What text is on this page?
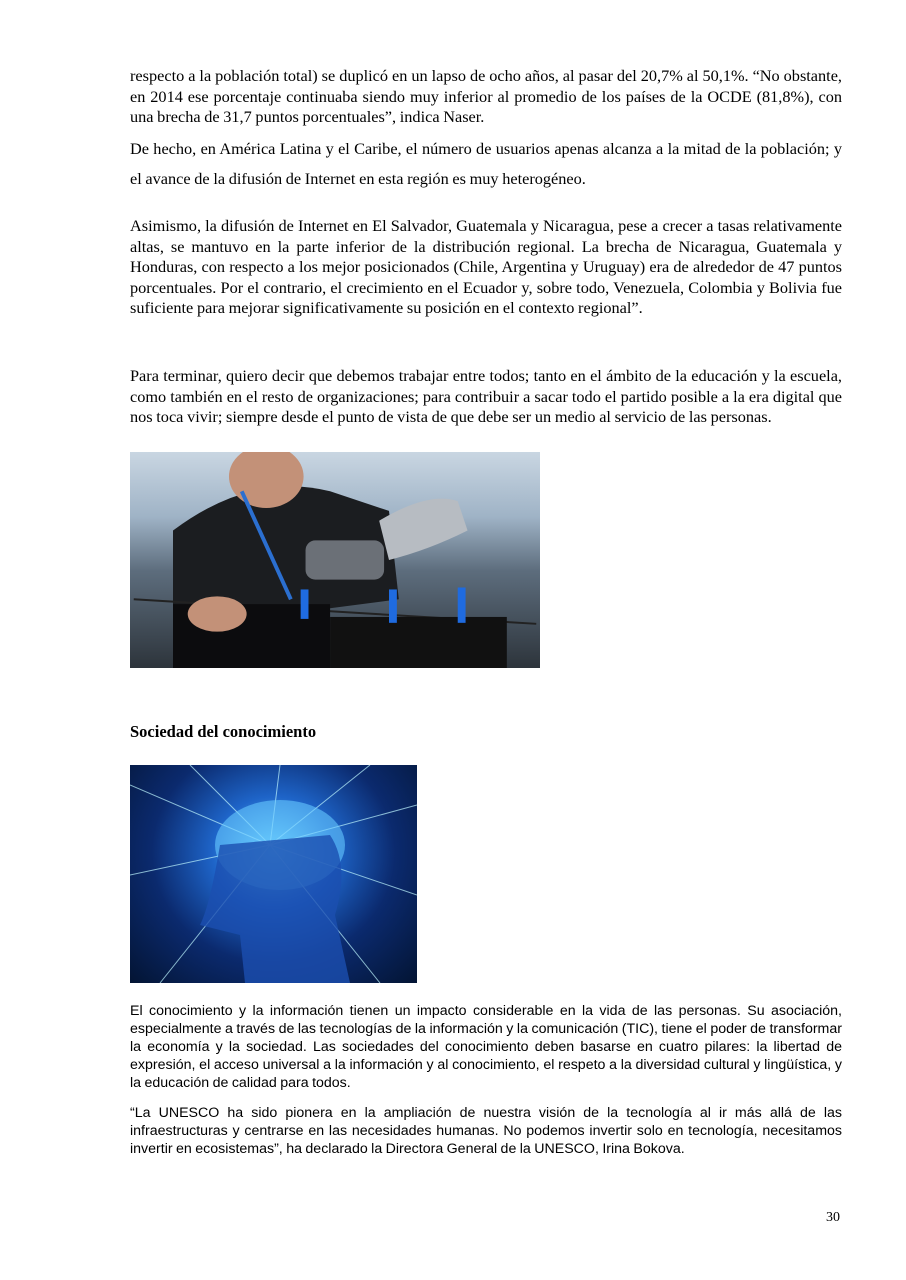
respecto a la población total) se duplicó en un lapso de ocho años, al pasar del 20,7% al 50,1%. “No obstante, en 2014 ese porcentaje continuaba siendo muy inferior al promedio de los países de la OCDE (81,8%), con una brecha de 31,7 puntos porcentuales”, indica Naser.

De hecho, en América Latina y el Caribe, el número de usuarios apenas alcanza a la mitad de la población; y el avance de la difusión de Internet en esta región es muy heterogéneo.

Asimismo, la difusión de Internet en El Salvador, Guatemala y Nicaragua, pese a crecer a tasas relativamente altas, se mantuvo en la parte inferior de la distribución regional. La brecha de Nicaragua, Guatemala y Honduras, con respecto a los mejor posicionados (Chile, Argentina y Uruguay) era de alrededor de 47 puntos porcentuales. Por el contrario, el crecimiento en el Ecuador y, sobre todo, Venezuela, Colombia y Bolivia fue suficiente para mejorar significativamente su posición en el contexto regional”.

Para terminar, quiero decir que debemos trabajar entre todos; tanto en el ámbito de la educación y la escuela, como también en el resto de organizaciones; para contribuir a sacar todo el partido posible a la era digital que nos toca vivir; siempre desde el punto de vista de que debe ser un medio al servicio de las personas.

Sociedad del conocimiento

El conocimiento y la información tienen un impacto considerable en la vida de las personas. Su asociación, especialmente a través de las tecnologías de la información y la comunicación (TIC), tiene el poder de transformar la economía y la sociedad. Las sociedades del conocimiento deben basarse en cuatro pilares: la libertad de expresión, el acceso universal a la información y al conocimiento, el respeto a la diversidad cultural y lingüística, y la educación de calidad para todos.

“La UNESCO ha sido pionera en la ampliación de nuestra visión de la tecnología al ir más allá de las infraestructuras y centrarse en las necesidades humanas. No podemos invertir solo en tecnología, necesitamos invertir en ecosistemas”, ha declarado la Directora General de la UNESCO, Irina Bokova.

30
